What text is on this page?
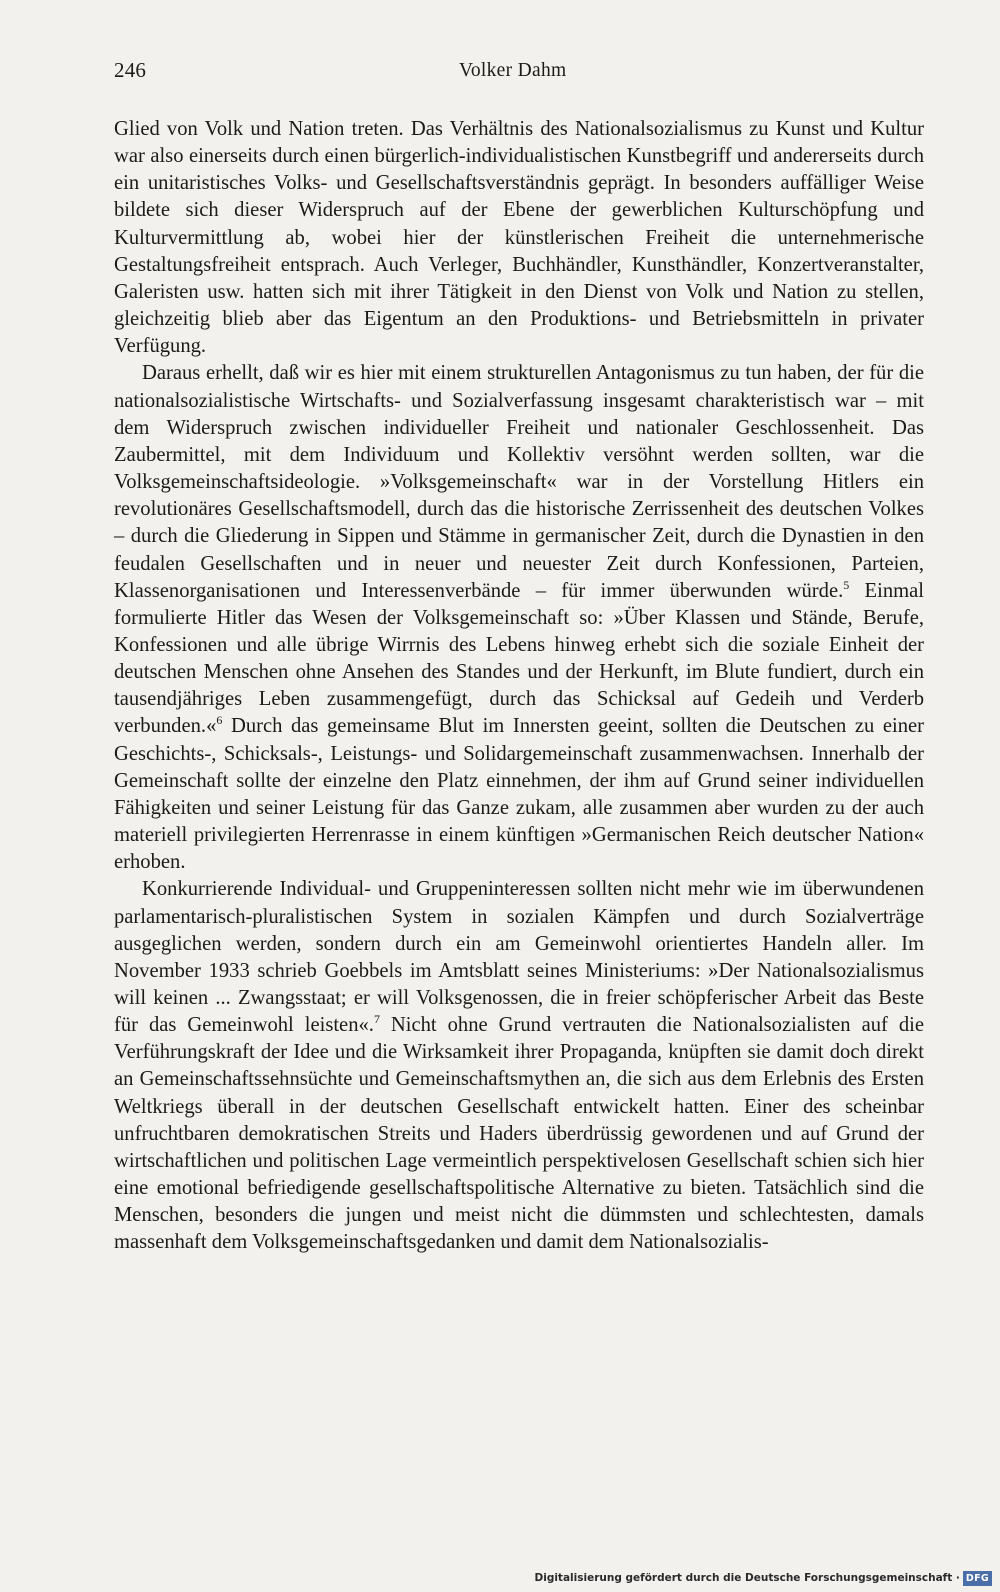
246	Volker Dahm

Glied von Volk und Nation treten. Das Verhältnis des Nationalsozialismus zu Kunst und Kultur war also einerseits durch einen bürgerlich-individualistischen Kunstbegriff und andererseits durch ein unitaristisches Volks- und Gesellschaftsverständnis geprägt. In besonders auffälliger Weise bildete sich dieser Widerspruch auf der Ebene der gewerblichen Kulturschöpfung und Kulturvermittlung ab, wobei hier der künstlerischen Freiheit die unternehmerische Gestaltungsfreiheit entsprach. Auch Verleger, Buchhändler, Kunsthändler, Konzertveranstalter, Galeristen usw. hatten sich mit ihrer Tätigkeit in den Dienst von Volk und Nation zu stellen, gleichzeitig blieb aber das Eigentum an den Produktions- und Betriebsmitteln in privater Verfügung.

Daraus erhellt, daß wir es hier mit einem strukturellen Antagonismus zu tun haben, der für die nationalsozialistische Wirtschafts- und Sozialverfassung insgesamt charakteristisch war – mit dem Widerspruch zwischen individueller Freiheit und nationaler Geschlossenheit. Das Zaubermittel, mit dem Individuum und Kollektiv versöhnt werden sollten, war die Volksgemeinschaftsideologie. »Volksgemeinschaft« war in der Vorstellung Hitlers ein revolutionäres Gesellschaftsmodell, durch das die historische Zerrissenheit des deutschen Volkes – durch die Gliederung in Sippen und Stämme in germanischer Zeit, durch die Dynastien in den feudalen Gesellschaften und in neuer und neuester Zeit durch Konfessionen, Parteien, Klassenorganisationen und Interessenverbände – für immer überwunden würde.$^5$ Einmal formulierte Hitler das Wesen der Volksgemeinschaft so: »Über Klassen und Stände, Berufe, Konfessionen und alle übrige Wirrnis des Lebens hinweg erhebt sich die soziale Einheit der deutschen Menschen ohne Ansehen des Standes und der Herkunft, im Blute fundiert, durch ein tausendjähriges Leben zusammengefügt, durch das Schicksal auf Gedeih und Verderb verbunden.«$^6$ Durch das gemeinsame Blut im Innersten geeint, sollten die Deutschen zu einer Geschichts-, Schicksals-, Leistungs- und Solidargemeinschaft zusammenwachsen. Innerhalb der Gemeinschaft sollte der einzelne den Platz einnehmen, der ihm auf Grund seiner individuellen Fähigkeiten und seiner Leistung für das Ganze zukam, alle zusammen aber wurden zu der auch materiell privilegierten Herrenrasse in einem künftigen »Germanischen Reich deutscher Nation« erhoben.

Konkurrierende Individual- und Gruppeninteressen sollten nicht mehr wie im überwundenen parlamentarisch-pluralistischen System in sozialen Kämpfen und durch Sozialverträge ausgeglichen werden, sondern durch ein am Gemeinwohl orientiertes Handeln aller. Im November 1933 schrieb Goebbels im Amtsblatt seines Ministeriums: »Der Nationalsozialismus will keinen ... Zwangsstaat; er will Volksgenossen, die in freier schöpferischer Arbeit das Beste für das Gemeinwohl leisten«.$^7$ Nicht ohne Grund vertrauten die Nationalsozialisten auf die Verführungskraft der Idee und die Wirksamkeit ihrer Propaganda, knüpften sie damit doch direkt an Gemeinschaftssehnsüchte und Gemeinschaftsmythen an, die sich aus dem Erlebnis des Ersten Weltkriegs überall in der deutschen Gesellschaft entwickelt hatten. Einer des scheinbar unfruchtbaren demokratischen Streits und Haders überdrüssig gewordenen und auf Grund der wirtschaftlichen und politischen Lage vermeintlich perspektivelosen Gesellschaft schien sich hier eine emotional befriedigende gesellschaftspolitische Alternative zu bieten. Tatsächlich sind die Menschen, besonders die jungen und meist nicht die dümmsten und schlechtesten, damals massenhaft dem Volksgemeinschaftsgedanken und damit dem Nationalsozialis-

Digitalisierung gefördert durch die Deutsche Forschungsgemeinschaft · DFG
